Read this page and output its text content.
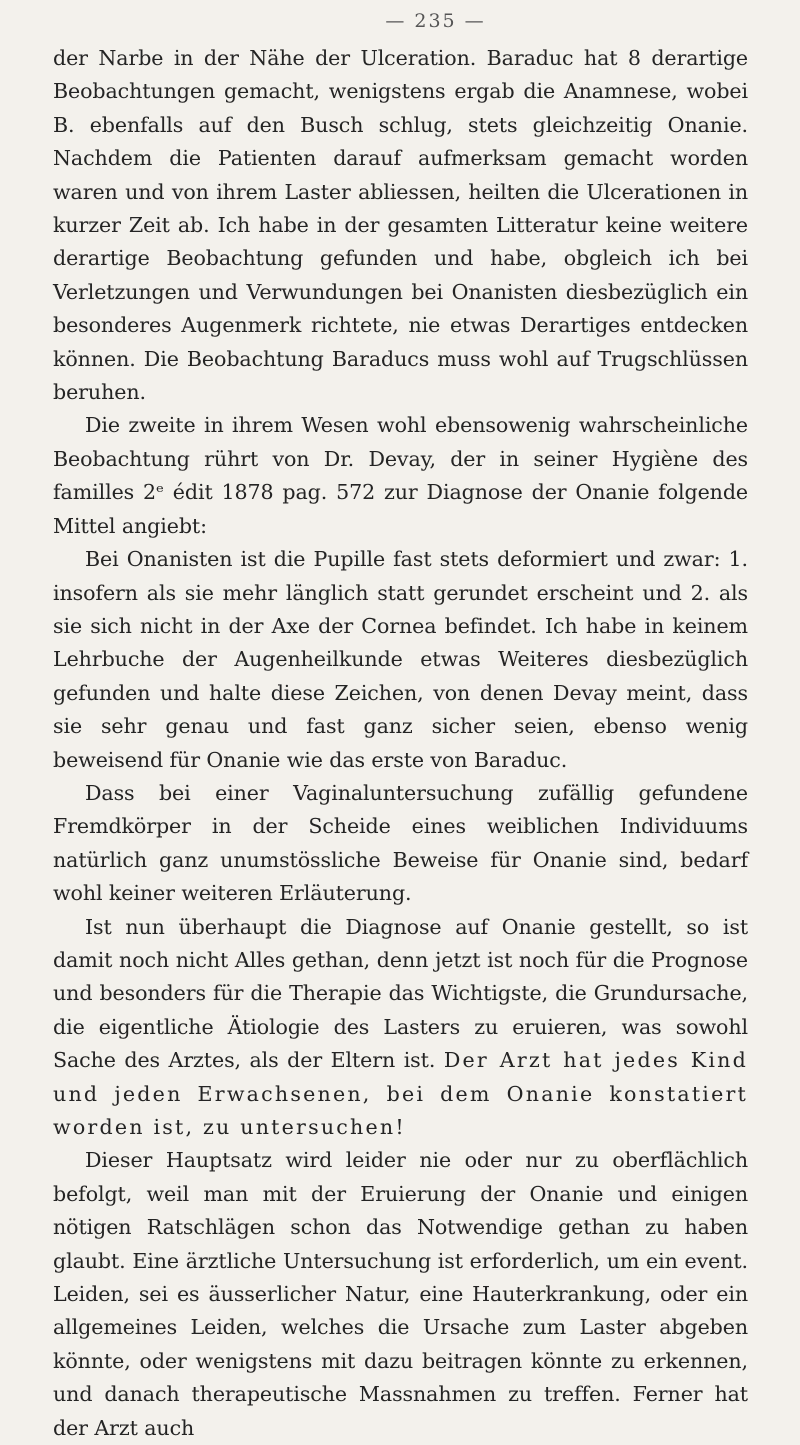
— 235 —

der Narbe in der Nähe der Ulceration. Baraduc hat 8 derartige Beobachtungen gemacht, wenigstens ergab die Anamnese, wobei B. ebenfalls auf den Busch schlug, stets gleichzeitig Onanie. Nachdem die Patienten darauf aufmerksam gemacht worden waren und von ihrem Laster abliessen, heilten die Ulcerationen in kurzer Zeit ab. Ich habe in der gesamten Litteratur keine weitere derartige Beobachtung gefunden und habe, obgleich ich bei Verletzungen und Verwundungen bei Onanisten diesbezüglich ein besonderes Augenmerk richtete, nie etwas Derartiges entdecken können. Die Beobachtung Baraducs muss wohl auf Trugschlüssen beruhen.

Die zweite in ihrem Wesen wohl ebensowenig wahrscheinliche Beobachtung rührt von Dr. Devay, der in seiner Hygiène des familles 2ᵉ édit 1878 pag. 572 zur Diagnose der Onanie folgende Mittel angiebt:

Bei Onanisten ist die Pupille fast stets deformiert und zwar: 1. insofern als sie mehr länglich statt gerundet erscheint und 2. als sie sich nicht in der Axe der Cornea befindet. Ich habe in keinem Lehrbuche der Augenheilkunde etwas Weiteres diesbezüglich gefunden und halte diese Zeichen, von denen Devay meint, dass sie sehr genau und fast ganz sicher seien, ebenso wenig beweisend für Onanie wie das erste von Baraduc.

Dass bei einer Vaginaluntersuchung zufällig gefundene Fremdkörper in der Scheide eines weiblichen Individuums natürlich ganz unumstössliche Beweise für Onanie sind, bedarf wohl keiner weiteren Erläuterung.

Ist nun überhaupt die Diagnose auf Onanie gestellt, so ist damit noch nicht Alles gethan, denn jetzt ist noch für die Prognose und besonders für die Therapie das Wichtigste, die Grundursache, die eigentliche Ätiologie des Lasters zu eruieren, was sowohl Sache des Arztes, als der Eltern ist. Der Arzt hat jedes Kind und jeden Erwachsenen, bei dem Onanie konstatiert worden ist, zu untersuchen!

Dieser Hauptsatz wird leider nie oder nur zu oberflächlich befolgt, weil man mit der Eruierung der Onanie und einigen nötigen Ratschlägen schon das Notwendige gethan zu haben glaubt. Eine ärztliche Untersuchung ist erforderlich, um ein event. Leiden, sei es äusserlicher Natur, eine Hauterkrankung, oder ein allgemeines Leiden, welches die Ursache zum Laster abgeben könnte, oder wenigstens mit dazu beitragen könnte zu erkennen, und danach therapeutische Massnahmen zu treffen. Ferner hat der Arzt auch
